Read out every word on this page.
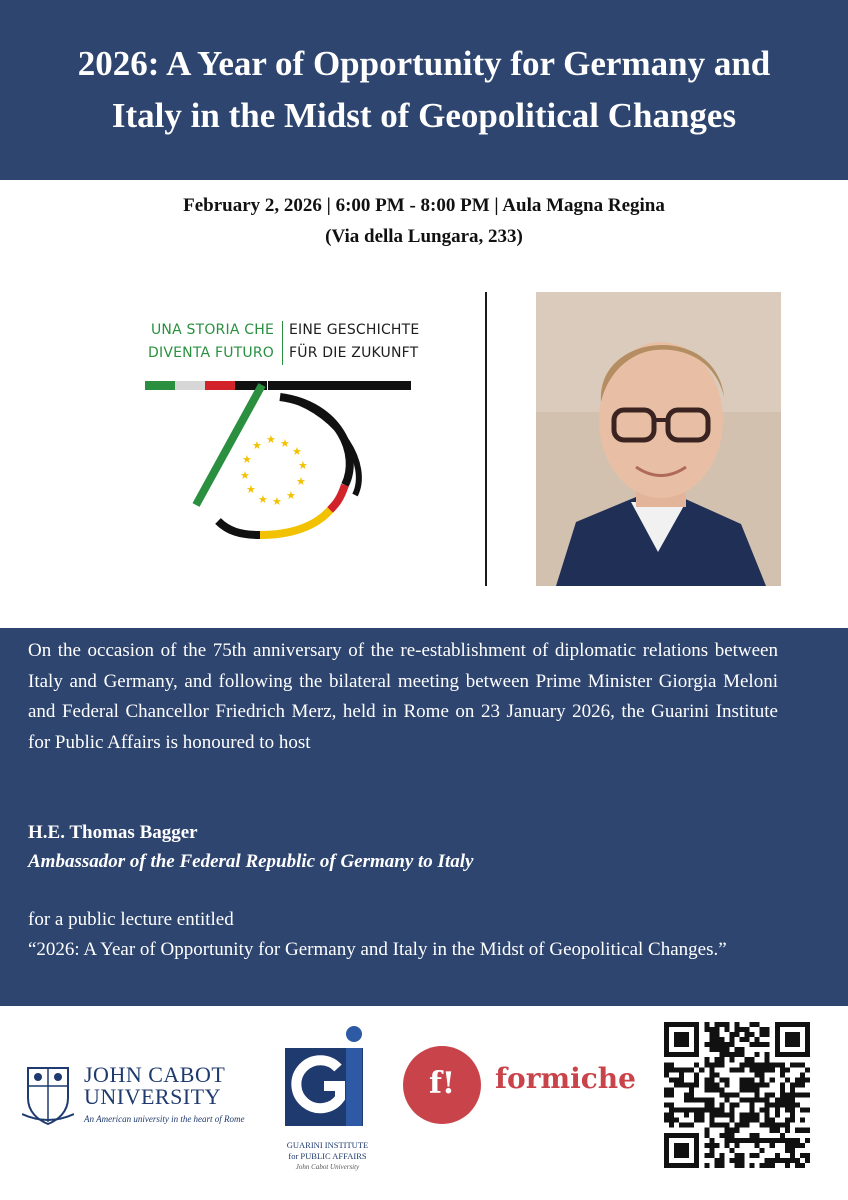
2026: A Year of Opportunity for Germany and Italy in the Midst of Geopolitical Changes
February 2, 2026 | 6:00 PM - 8:00 PM | Aula Magna Regina
(Via della Lungara, 233)
UNA STORIA CHE
DIVENTA FUTURO
EINE GESCHICHTE
FÜR DIE ZUKUNFT
★ ★
★
★
★
★
★
★
★
★
★
★

On the occasion of the 75th anniversary of the re-establishment of diplomatic relations between Italy and Germany, and following the bilateral meeting between Prime Minister Giorgia Meloni and Federal Chancellor Friedrich Merz, held in Rome on 23 January 2026, the Guarini Institute for Public Affairs is honoured to host

H.E. Thomas Bagger
Ambassador of the Federal Republic of Germany to Italy

for a public lecture entitled
“2026: A Year of Opportunity for Germany and Italy in the Midst of Geopolitical Changes.”

JOHN CABOT
UNIVERSITY
An American university in the heart of Rome
GUARINI INSTITUTE
for PUBLIC AFFAIRS
John Cabot University
f!	formiche
